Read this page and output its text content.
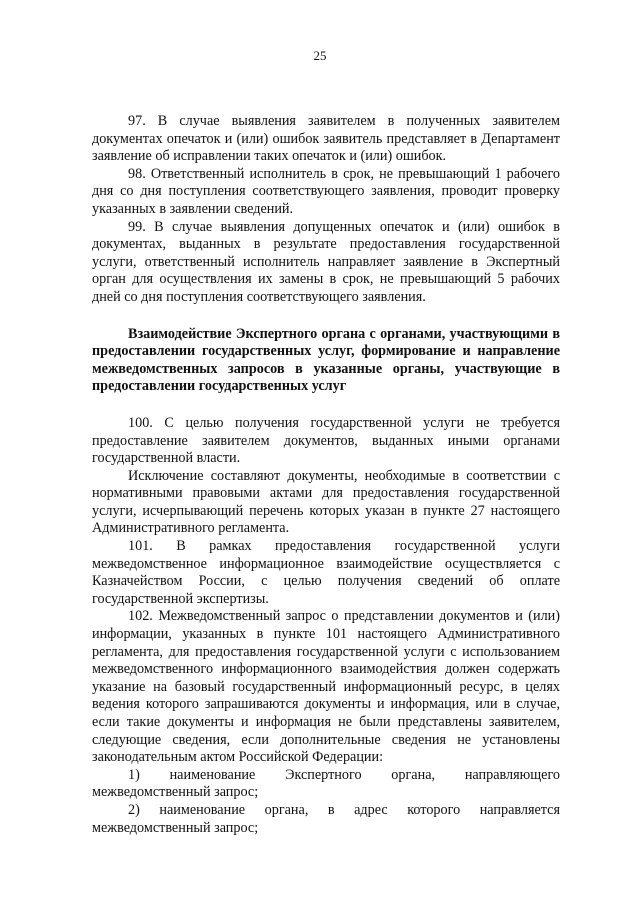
25

97. В случае выявления заявителем в полученных заявителем документах опечаток и (или) ошибок заявитель представляет в Департамент заявление об исправлении таких опечаток и (или) ошибок.

98. Ответственный исполнитель в срок, не превышающий 1 рабочего дня со дня поступления соответствующего заявления, проводит проверку указанных в заявлении сведений.

99. В случае выявления допущенных опечаток и (или) ошибок в документах, выданных в результате предоставления государственной услуги, ответственный исполнитель направляет заявление в Экспертный орган для осуществления их замены в срок, не превышающий 5 рабочих дней со дня поступления соответствующего заявления.

Взаимодействие Экспертного органа с органами, участвующими в предоставлении государственных услуг, формирование и направление межведомственных запросов в указанные органы, участвующие в предоставлении государственных услуг

100. С целью получения государственной услуги не требуется предоставление заявителем документов, выданных иными органами государственной власти.

Исключение составляют документы, необходимые в соответствии с нормативными правовыми актами для предоставления государственной услуги, исчерпывающий перечень которых указан в пункте 27 настоящего Административного регламента.

101. В рамках предоставления государственной услуги межведомственное информационное взаимодействие осуществляется с Казначейством России, с целью получения сведений об оплате государственной экспертизы.

102. Межведомственный запрос о представлении документов и (или) информации, указанных в пункте 101 настоящего Административного регламента, для предоставления государственной услуги с использованием межведомственного информационного взаимодействия должен содержать указание на базовый государственный информационный ресурс, в целях ведения которого запрашиваются документы и информация, или в случае, если такие документы и информация не были представлены заявителем, следующие сведения, если дополнительные сведения не установлены законодательным актом Российской Федерации:

1) наименование Экспертного органа, направляющего межведомственный запрос;

2) наименование органа, в адрес которого направляется межведомственный запрос;
